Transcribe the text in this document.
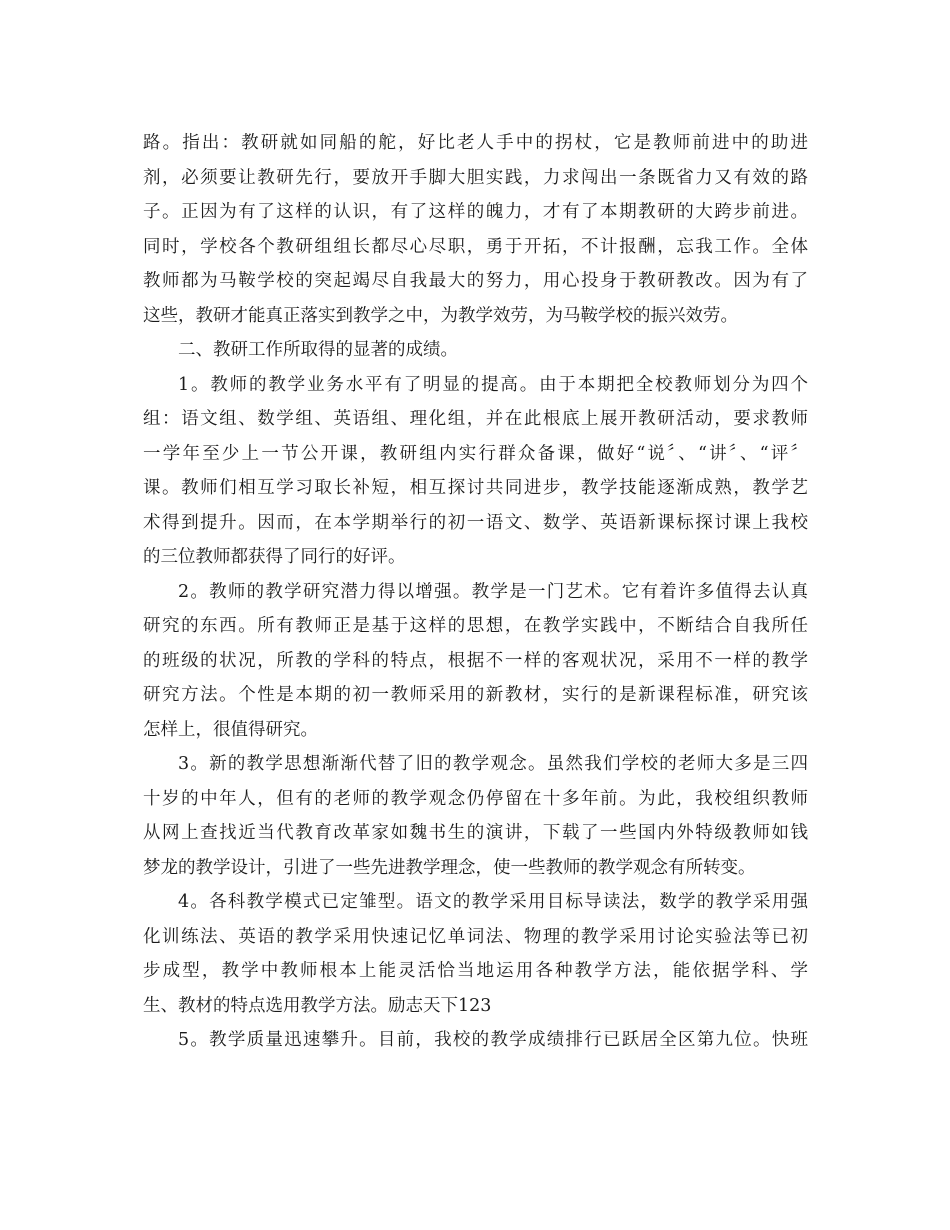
路。指出：教研就如同船的舵，好比老人手中的拐杖，它是教师前进中的助进
剂，必须要让教研先行，要放开手脚大胆实践，力求闯出一条既省力又有效的路
子。正因为有了这样的认识，有了这样的魄力，才有了本期教研的大跨步前进。
同时，学校各个教研组组长都尽心尽职，勇于开拓，不计报酬，忘我工作。全体
教师都为马鞍学校的突起竭尽自我最大的努力，用心投身于教研教改。因为有了
这些，教研才能真正落实到教学之中，为教学效劳，为马鞍学校的振兴效劳。
二、教研工作所取得的显著的成绩。
1。教师的教学业务水平有了明显的提高。由于本期把全校教师划分为四个
组：语文组、数学组、英语组、理化组，并在此根底上展开教研活动，要求教师
一学年至少上一节公开课，教研组内实行群众备课，做好“说〞、“讲〞、“评〞
课。教师们相互学习取长补短，相互探讨共同进步，教学技能逐渐成熟，教学艺
术得到提升。因而，在本学期举行的初一语文、数学、英语新课标探讨课上我校
的三位教师都获得了同行的好评。
2。教师的教学研究潜力得以增强。教学是一门艺术。它有着许多值得去认真
研究的东西。所有教师正是基于这样的思想，在教学实践中，不断结合自我所任
的班级的状况，所教的学科的特点，根据不一样的客观状况，采用不一样的教学
研究方法。个性是本期的初一教师采用的新教材，实行的是新课程标准，研究该
怎样上，很值得研究。
3。新的教学思想渐渐代替了旧的教学观念。虽然我们学校的老师大多是三四
十岁的中年人，但有的老师的教学观念仍停留在十多年前。为此，我校组织教师
从网上查找近当代教育改革家如魏书生的演讲，下载了一些国内外特级教师如钱
梦龙的教学设计，引进了一些先进教学理念，使一些教师的教学观念有所转变。
4。各科教学模式已定雏型。语文的教学采用目标导读法，数学的教学采用强
化训练法、英语的教学采用快速记忆单词法、物理的教学采用讨论实验法等已初
步成型，教学中教师根本上能灵活恰当地运用各种教学方法，能依据学科、学
生、教材的特点选用教学方法。励志天下123
5。教学质量迅速攀升。目前，我校的教学成绩排行已跃居全区第九位。快班
